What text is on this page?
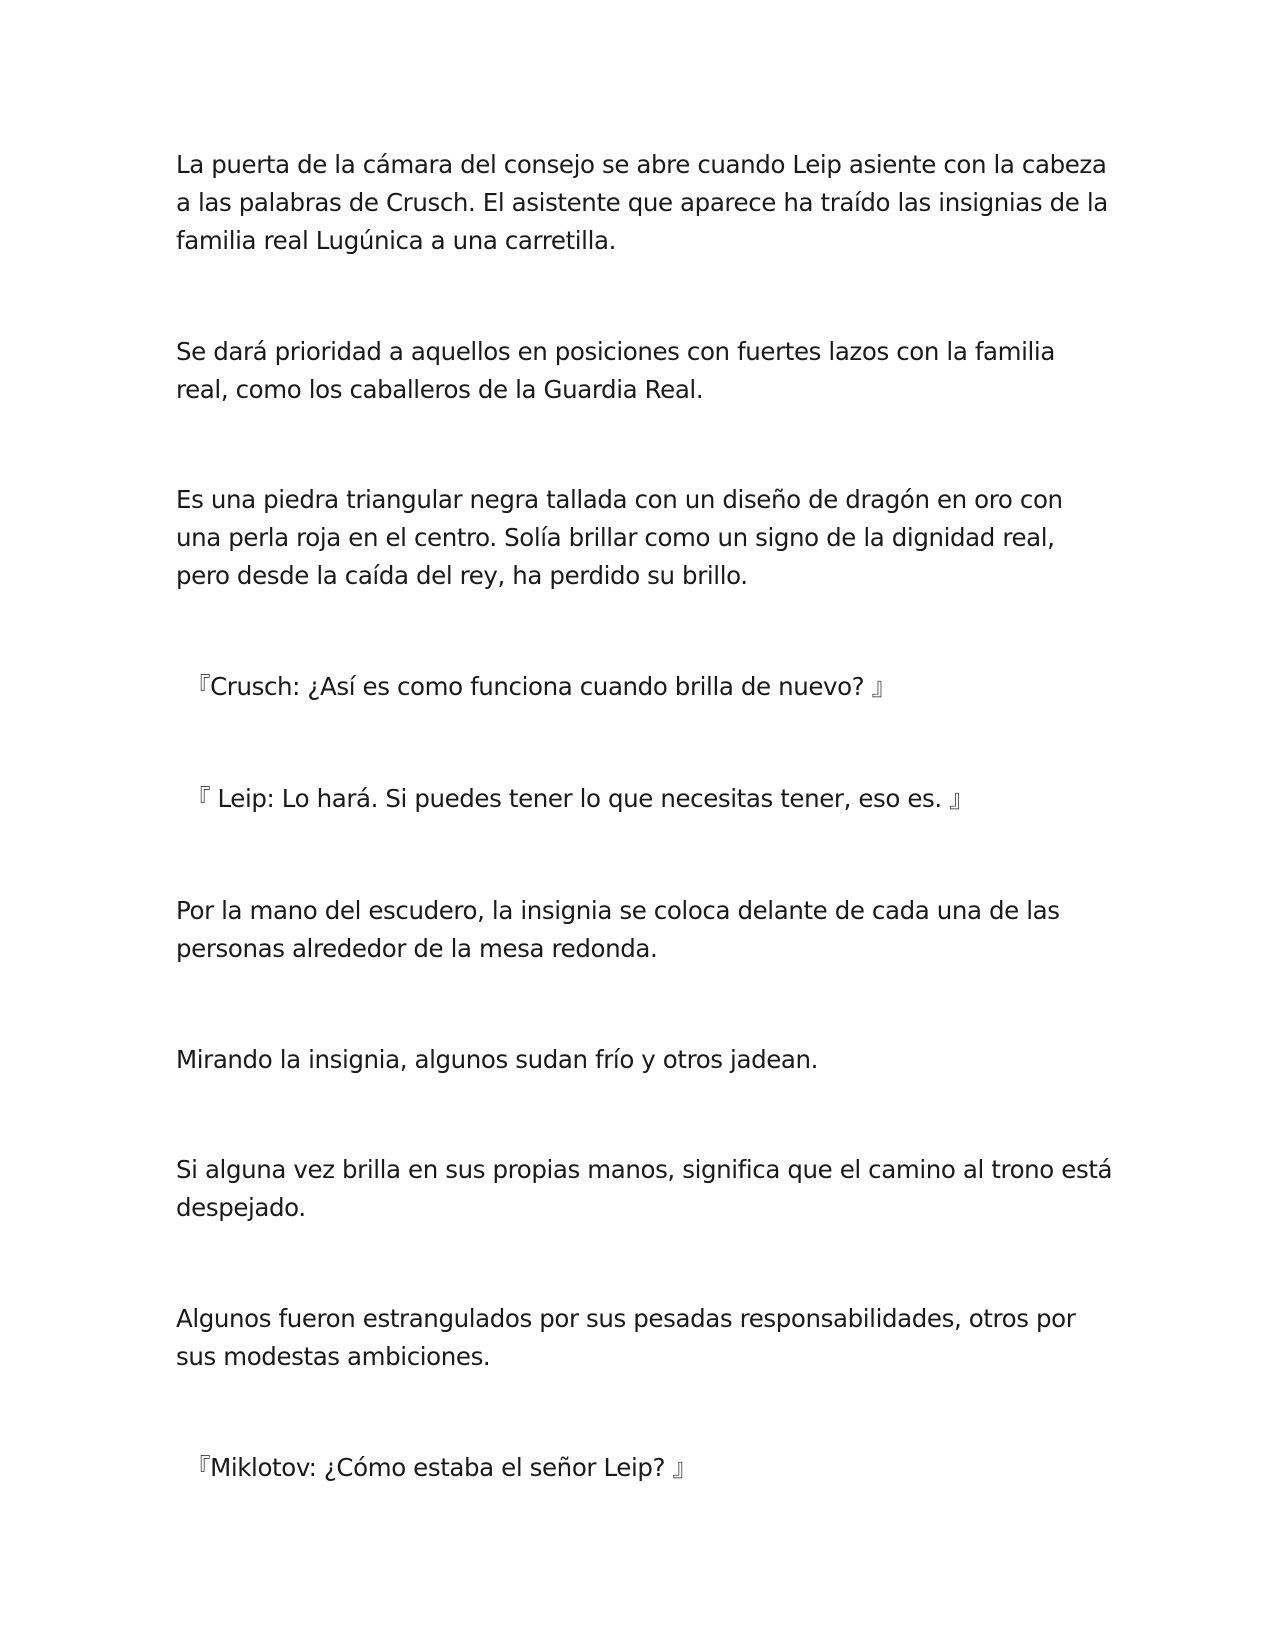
La puerta de la cámara del consejo se abre cuando Leip asiente con la cabeza
a las palabras de Crusch. El asistente que aparece ha traído las insignias de la
familia real Lugúnica a una carretilla.

Se dará prioridad a aquellos en posiciones con fuertes lazos con la familia
real, como los caballeros de la Guardia Real.

Es una piedra triangular negra tallada con un diseño de dragón en oro con
una perla roja en el centro. Solía brillar como un signo de la dignidad real,
pero desde la caída del rey, ha perdido su brillo.

『Crusch: ¿Así es como funciona cuando brilla de nuevo? 』

『 Leip: Lo hará. Si puedes tener lo que necesitas tener, eso es. 』

Por la mano del escudero, la insignia se coloca delante de cada una de las
personas alrededor de la mesa redonda.

Mirando la insignia, algunos sudan frío y otros jadean.

Si alguna vez brilla en sus propias manos, significa que el camino al trono está
despejado.

Algunos fueron estrangulados por sus pesadas responsabilidades, otros por
sus modestas ambiciones.

『Miklotov: ¿Cómo estaba el señor Leip? 』
